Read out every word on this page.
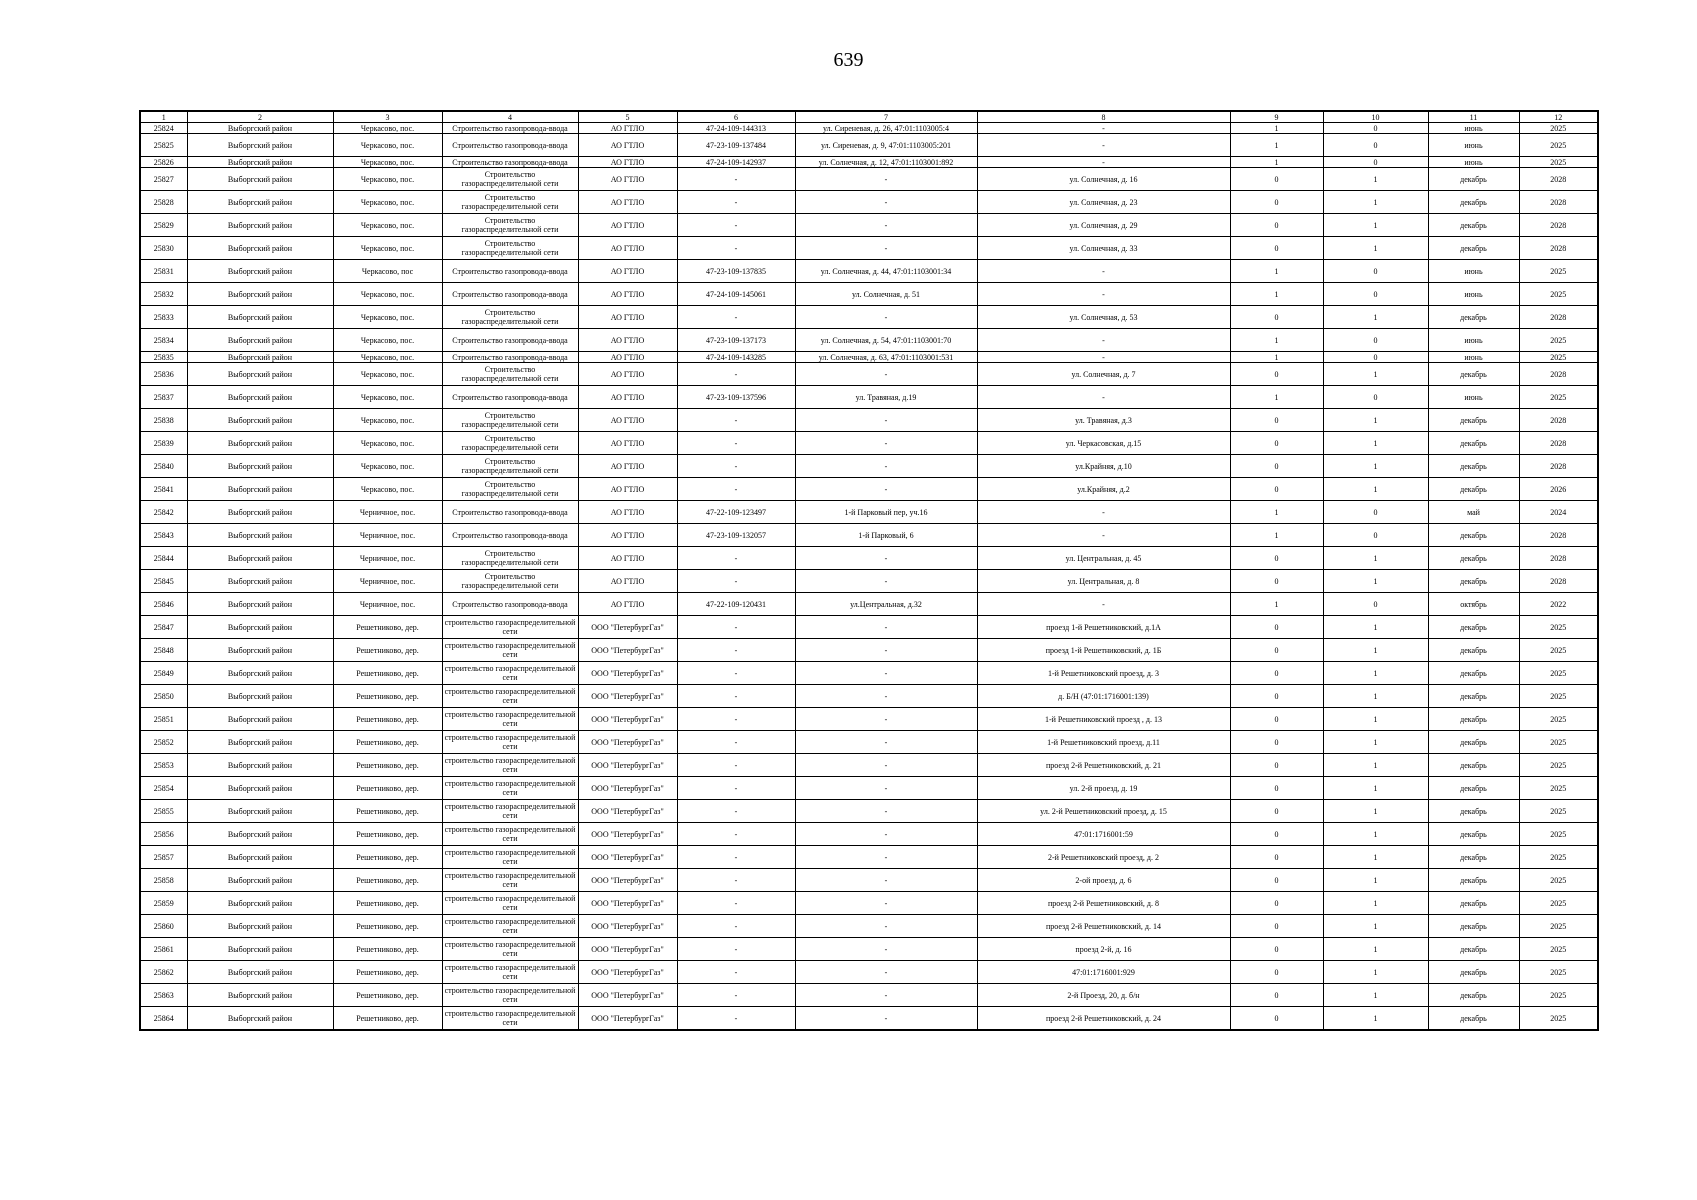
639
1	2	3	4	5	6	7	8	9	10	11	12
25824	Выборгский район	Черкасово, пос.	Строительство газопровода-ввода	АО ГТЛО	47-24-109-144313	ул. Сиреневая, д. 26, 47:01:1103005:4	-	1	0	июнь	2025
25825	Выборгский район	Черкасово, пос.	Строительство газопровода-ввода	АО ГТЛО	47-23-109-137484	ул. Сиреневая, д. 9, 47:01:1103005:201	-	1	0	июнь	2025
25826	Выборгский район	Черкасово, пос.	Строительство газопровода-ввода	АО ГТЛО	47-24-109-142937	ул. Солнечная, д. 12, 47:01:1103001:892	-	1	0	июнь	2025
25827	Выборгский район	Черкасово, пос.	Строительство газораспределительной сети	АО ГТЛО	-	-	ул. Солнечная, д. 16	0	1	декабрь	2028
25828	Выборгский район	Черкасово, пос.	Строительство газораспределительной сети	АО ГТЛО	-	-	ул. Солнечная, д. 23	0	1	декабрь	2028
25829	Выборгский район	Черкасово, пос.	Строительство газораспределительной сети	АО ГТЛО	-	-	ул. Солнечная, д. 29	0	1	декабрь	2028
25830	Выборгский район	Черкасово, пос.	Строительство газораспределительной сети	АО ГТЛО	-	-	ул. Солнечная, д. 33	0	1	декабрь	2028
25831	Выборгский район	Черкасово, пос	Строительство газопровода-ввода	АО ГТЛО	47-23-109-137835	ул. Солнечная, д. 44, 47:01:1103001:34	-	1	0	июнь	2025
25832	Выборгский район	Черкасово, пос.	Строительство газопровода-ввода	АО ГТЛО	47-24-109-145061	ул. Солнечная, д. 51	-	1	0	июнь	2025
25833	Выборгский район	Черкасово, пос.	Строительство газораспределительной сети	АО ГТЛО	-	-	ул. Солнечная, д. 53	0	1	декабрь	2028
25834	Выборгский район	Черкасово, пос.	Строительство газопровода-ввода	АО ГТЛО	47-23-109-137173	ул. Солнечная, д. 54, 47:01:1103001:70	-	1	0	июнь	2025
25835	Выборгский район	Черкасово, пос.	Строительство газопровода-ввода	АО ГТЛО	47-24-109-143285	ул. Солнечная, д. 63, 47:01:1103001:531	-	1	0	июнь	2025
25836	Выборгский район	Черкасово, пос.	Строительство газораспределительной сети	АО ГТЛО	-	-	ул. Солнечная, д. 7	0	1	декабрь	2028
25837	Выборгский район	Черкасово, пос.	Строительство газопровода-ввода	АО ГТЛО	47-23-109-137596	ул. Травяная, д.19	-	1	0	июнь	2025
25838	Выборгский район	Черкасово, пос.	Строительство газораспределительной сети	АО ГТЛО	-	-	ул. Травяная, д.3	0	1	декабрь	2028
25839	Выборгский район	Черкасово, пос.	Строительство газораспределительной сети	АО ГТЛО	-	-	ул. Черкасовская, д.15	0	1	декабрь	2028
25840	Выборгский район	Черкасово, пос.	Строительство газораспределительной сети	АО ГТЛО	-	-	ул.Крайняя, д.10	0	1	декабрь	2028
25841	Выборгский район	Черкасово, пос.	Строительство газораспределительной сети	АО ГТЛО	-	-	ул.Крайняя, д.2	0	1	декабрь	2026
25842	Выборгский район	Черничное, пос.	Строительство газопровода-ввода	АО ГТЛО	47-22-109-123497	1-й Парковый пер, уч.16	-	1	0	май	2024
25843	Выборгский район	Черничное, пос.	Строительство газопровода-ввода	АО ГТЛО	47-23-109-132057	1-й Парковый, 6	-	1	0	декабрь	2028
25844	Выборгский район	Черничное, пос.	Строительство газораспределительной сети	АО ГТЛО	-	-	ул. Центральная, д. 45	0	1	декабрь	2028
25845	Выборгский район	Черничное, пос.	Строительство газораспределительной сети	АО ГТЛО	-	-	ул. Центральная, д. 8	0	1	декабрь	2028
25846	Выборгский район	Черничное, пос.	Строительство газопровода-ввода	АО ГТЛО	47-22-109-120431	ул.Центральная, д.32	-	1	0	октябрь	2022
25847	Выборгский район	Решетниково, дер.	строительство газораспределительной сети	ООО "ПетербургГаз"	-	-	проезд 1-й Решетниковский, д.1А	0	1	декабрь	2025
25848	Выборгский район	Решетниково, дер.	строительство газораспределительной сети	ООО "ПетербургГаз"	-	-	проезд 1-й Решетниковский, д. 1Б	0	1	декабрь	2025
25849	Выборгский район	Решетниково, дер.	строительство газораспределительной сети	ООО "ПетербургГаз"	-	-	1-й Решетниковский проезд, д. 3	0	1	декабрь	2025
25850	Выборгский район	Решетниково, дер.	строительство газораспределительной сети	ООО "ПетербургГаз"	-	-	д. Б/Н (47:01:1716001:139)	0	1	декабрь	2025
25851	Выборгский район	Решетниково, дер.	строительство газораспределительной сети	ООО "ПетербургГаз"	-	-	1-й Решетниковский проезд , д. 13	0	1	декабрь	2025
25852	Выборгский район	Решетниково, дер.	строительство газораспределительной сети	ООО "ПетербургГаз"	-	-	1-й Решетниковский проезд, д.11	0	1	декабрь	2025
25853	Выборгский район	Решетниково, дер.	строительство газораспределительной сети	ООО "ПетербургГаз"	-	-	проезд 2-й Решетниковский, д. 21	0	1	декабрь	2025
25854	Выборгский район	Решетниково, дер.	строительство газораспределительной сети	ООО "ПетербургГаз"	-	-	ул. 2-й проезд, д. 19	0	1	декабрь	2025
25855	Выборгский район	Решетниково, дер.	строительство газораспределительной сети	ООО "ПетербургГаз"	-	-	ул. 2-й Решетниковский проезд, д. 15	0	1	декабрь	2025
25856	Выборгский район	Решетниково, дер.	строительство газораспределительной сети	ООО "ПетербургГаз"	-	-	47:01:1716001:59	0	1	декабрь	2025
25857	Выборгский район	Решетниково, дер.	строительство газораспределительной сети	ООО "ПетербургГаз"	-	-	2-й Решетниковский проезд, д. 2	0	1	декабрь	2025
25858	Выборгский район	Решетниково, дер.	строительство газораспределительной сети	ООО "ПетербургГаз"	-	-	2-ой проезд, д. 6	0	1	декабрь	2025
25859	Выборгский район	Решетниково, дер.	строительство газораспределительной сети	ООО "ПетербургГаз"	-	-	проезд 2-й Решетниковский, д. 8	0	1	декабрь	2025
25860	Выборгский район	Решетниково, дер.	строительство газораспределительной сети	ООО "ПетербургГаз"	-	-	проезд 2-й Решетниковский, д. 14	0	1	декабрь	2025
25861	Выборгский район	Решетниково, дер.	строительство газораспределительной сети	ООО "ПетербургГаз"	-	-	проезд 2-й, д. 16	0	1	декабрь	2025
25862	Выборгский район	Решетниково, дер.	строительство газораспределительной сети	ООО "ПетербургГаз"	-	-	47:01:1716001:929	0	1	декабрь	2025
25863	Выборгский район	Решетниково, дер.	строительство газораспределительной сети	ООО "ПетербургГаз"	-	-	2-й Проезд, 20, д. б/н	0	1	декабрь	2025
25864	Выборгский район	Решетниково, дер.	строительство газораспределительной сети	ООО "ПетербургГаз"	-	-	проезд 2-й Решетниковский, д. 24	0	1	декабрь	2025
